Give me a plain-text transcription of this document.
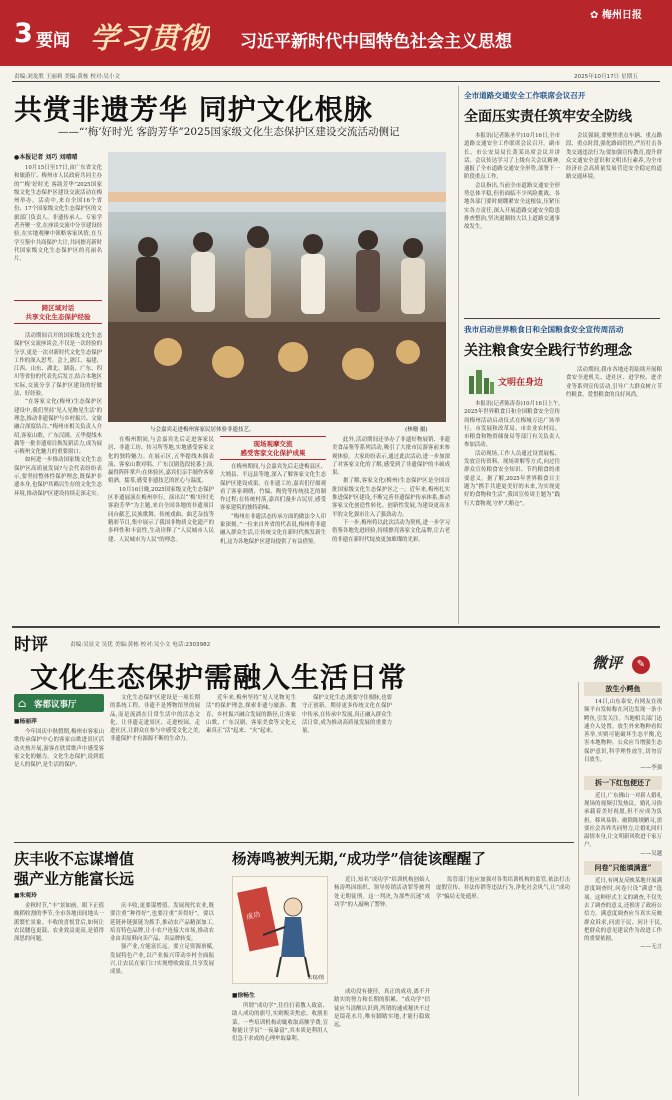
3 要闻 学习贯彻 习近平新时代中国特色社会主义思想
✿ 梅州日报
责编:刘龙胜 王丽莉 美编:黄栋 校对:吴小文	2025年10月17日 星期五
共赏非遗芳华 同护文化根脉
——“‘梅’好时光 客韵芳华”2025国家级文化生态保护区建设交流活动侧记
●本报记者 刘巧 刘晴晴
10月15日至17日,由广东省文化和旅游厅、梅州市人民政府共同主办的“‘梅’好时光 客韵芳华”2025国家级文化生态保护区建设交流活动在梅州举办。活动中,来自全国16个省份、17个国家级文化生态保护区的文旅部门负责人、非遗传承人、专家学者齐聚一堂,在座谈交流中分享建设经验,在实地观摩中领略客家风情,在互学互鉴中共商保护大计,共同擦亮新时代国家级文化生态保护区的亮丽名片。
跨区域对话
共享文化生态保护经验

活动期间召开的国家级文化生态保护区交流座谈会,不仅是一次经验的分享,更是一次对新时代文化生态保护工作的深入思考。会上,浙江、福建、江西、山东、湖北、湖南、广东、四川等省份的代表先后发言,结合本地区实际,交流分享了保护区建设的好做法、好经验。

“在客家文化(梅州)生态保护区建设中,我们坚持‘见人见物见生活’的理念,推动非遗保护与乡村振兴、文旅融合深度结合。”梅州市相关负责人介绍,客家山歌、广东汉剧、五华提线木偶等一批非遗项目焕发新活力,成为展示梅州文化魅力的重要窗口。

如何进一步推动国家级文化生态保护区高质量发展?与会代表纷纷表示,要坚持整体性保护理念,既保护非遗本身,也保护其赖以生存的文化生态环境,推动保护区建设持续走深走实。

与会嘉宾走进梅州客家民居体验非遗技艺。	(林珊 摄)

在梅州期间,与会嘉宾先后走进客家民居、非遗工坊、传习所等地,实地感受客家文化的独特魅力。在展示区,五华提线木偶表演、客家山歌对唱、广东汉剧选段轮番上演,赢得阵阵掌声;在体验区,嘉宾们亲手制作客家娘酒、擂茶,感受非遗技艺的匠心与温度。

10月16日晚,2025国家级文化生态保护区非遗展演在梅州举行。演出以“‘梅’好时光 客韵芳华”为主题,来自全国各地的非遗项目同台献艺,民族歌舞、传统戏曲、曲艺杂技等精彩节目,集中展示了我国非物质文化遗产的多样性和丰富性,生动诠释了“人民城市人民建、人民城市为人民”的理念。

现场观摩交流
感受客家文化保护成果

在梅州期间,与会嘉宾先后走进梅县区、大埔县、平远县等地,深入了解客家文化生态保护区建设成果。在非遗工坊,嘉宾们仔细观看了客家刺绣、竹编、陶瓷等传统技艺的制作过程;在传统村落,嘉宾们漫步古民居,感受客家建筑的独特韵味。

“梅州在非遗活态传承方面的做法令人印象深刻。”一位来自外省的代表说,梅州将非遗融入群众生活,让传统文化在新时代焕发新生机,这为各地保护区建设提供了有益借鉴。

此外,活动期间还举办了非遗好物展销、非遗美食品鉴等系列活动,吸引了大批市民游客前来参观体验。大家纷纷表示,通过此次活动,进一步加深了对客家文化的了解,感受到了非遗保护的丰硕成果。

据了解,客家文化(梅州)生态保护区是全国首批国家级文化生态保护区之一。近年来,梅州扎实推进保护区建设,不断完善非遗保护传承体系,推动客家文化创造性转化、创新性发展,为建设更高水平的文化强市注入了强劲动力。

下一步,梅州将以此次活动为契机,进一步学习借鉴各地先进经验,持续擦亮客家文化品牌,让古老的非遗在新时代绽放更加璀璨的光彩。

全市道路交通安全工作联席会议召开
全面压实责任筑牢安全防线

本报讯(记者陈圣平)10月16日,全市道路交通安全工作联席会议召开。副市长、市公安局局长黄某出席会议并讲话。会议传达学习了上级有关会议精神,通报了全市道路交通安全形势,部署下一阶段重点工作。

会议指出,当前全市道路交通安全形势总体平稳,但仍面临不少风险挑战。各地各部门要时刻绷紧安全这根弦,压紧压实各方责任,深入开展道路交通安全隐患排查整治,坚决遏制较大以上道路交通事故发生。

会议强调,要聚焦重点车辆、重点路段、重点时段,强化路面管控,严厉打击各类交通违法行为;要加强宣传教育,提升群众交通安全意识和文明出行素养,为全市经济社会高质量发展营造安全稳定的道路交通环境。

我市启动世界粮食日和全国粮食安全宣传周活动
关注粮食安全践行节约理念
文明在身边

本报讯(记者陈涛春)10月16日上午,2025年世界粮食日和全国粮食安全宣传周梅州活动启动仪式在梅城万达广场举行。市发展和改革局、市农业农村局、市粮食和物资储备局等部门有关负责人参加活动。

活动现场,工作人员通过设置展板、发放宣传资料、现场讲解等方式,向过往群众宣传粮食安全知识、节约粮食的重要意义。据了解,2025年世界粮食日主题为“携手共建更美好的未来,为实现更好的食物和生活”,我国宣传周主题为“践行大食物观,守护大粮仓”。

活动期间,我市各地还将陆续开展粮食安全进机关、进社区、进学校、进企业等系列宣传活动,引导广大群众树立节约粮食、爱惜粮食的良好风尚。

时评	责编:吴显文 吴优 美编:黄栋 校对:吴小文 电话:2303982
文化生态保护需融入生活日常	微评	✎
⌂ 客都议事厅
■杨丽萍

今年国庆中秋假期,梅州市客家山歌传承保护中心的客家山歌进景区活动火热开展,游客在欣赏歌声中感受客家文化的魅力。文化生态保护,说到底是人的保护,是生活的保护。

文化生态保护区建设是一项长期的系统工程。非遗不是博物馆里的展品,而是流淌在日常生活中的活态文化。让非遗走进景区、走进校园、走进社区,让群众在参与中感受文化之美,非遗保护才有源源不断的生命力。

近年来,梅州坚持“见人见物见生活”的保护理念,探索非遗与旅游、教育、乡村振兴融合发展的路径,让客家山歌、广东汉剧、客家美食等文化元素真正“活”起来、“火”起来。

保护文化生态,既要守住根脉,也要守正创新。期待更多传统文化在保护中传承,在传承中发展,真正融入群众生活日常,成为推动高质量发展的重要力量。

庆丰收不忘谋增值
强产业方能富长远
■朱观玲

金秋时节,“丰”景如画。眼下正值晚稻收割的季节,全市各地田间地头一派繁忙景象。丰收的喜悦背后,如何让农民腰包更鼓、农业效益更高,是值得深思的问题。

庆丰收,更要谋增值。发展现代农业,既要注重“种得好”,也要注重“卖得好”。要以延链补链强链为抓手,推动农产品精深加工,培育特色品牌,让小农户连接大市场,推动农业由卖原料向卖产品、卖品牌转变。

强产业,方能富长远。要立足资源禀赋,发展特色产业,以产业振兴带动乡村全面振兴,让农民在家门口实现增收致富,共享发展成果。

杨涛鸣被判无期,“成功学”信徒该醒醒了
成功
朱权/图

近日,知名“成功学”培训机构创始人杨涛鸣因组织、领导传销活动罪等被判处无期徒刑。这一判决,为那些沉迷“成功学”的人敲响了警钟。

■徐畅生

所谓“成功学”,往往打着教人致富、助人成功的旗号,实则贩卖焦虑、收割韭菜。一些培训机构动辄收取高额学费,宣称能让学员“一夜暴富”,其本质是利用人们急于求成的心理牟取暴利。

成功没有捷径。真正的成功,离不开踏实的努力和长期的积累。“成功学”信徒应当清醒认识到,所谓的速成秘诀不过是镜花水月,唯有脚踏实地,才能行稳致远。

监管部门也应加强对各类培训机构的监管,依法打击虚假宣传、非法传销等违法行为,净化社会风气,让“成功学”骗局无处遁形。

放生小鳄鱼

14日,山东泰安,有网友在视频平台发帖称在河边发现一条小鳄鱼,引发关注。当地相关部门迅速介入处置。放生外来物种看似善举,实则可能破坏生态平衡,危害本地物种。公众应当增强生态保护意识,科学理性放生,切勿盲目放生。

——李强

拆一下红包便还了

近日,广东佛山一对新人婚礼现场的视频引发热议。婚礼习俗承载着美好祝愿,但不应成为负担。移风易俗、破除陈规陋习,需要社会各界共同努力,让婚礼回归温情本身,让文明新风吹进千家万户。

——吴越

问卷“只能填满意”

近日,有网友反映某地开展满意度调查时,问卷只设“满意”选项。这种形式主义的调查,不仅失去了调查的意义,还损害了政府公信力。满意度调查应当真实反映群众诉求,问需于民、问计于民,把群众的意见建议作为改进工作的重要依据。

——无言
